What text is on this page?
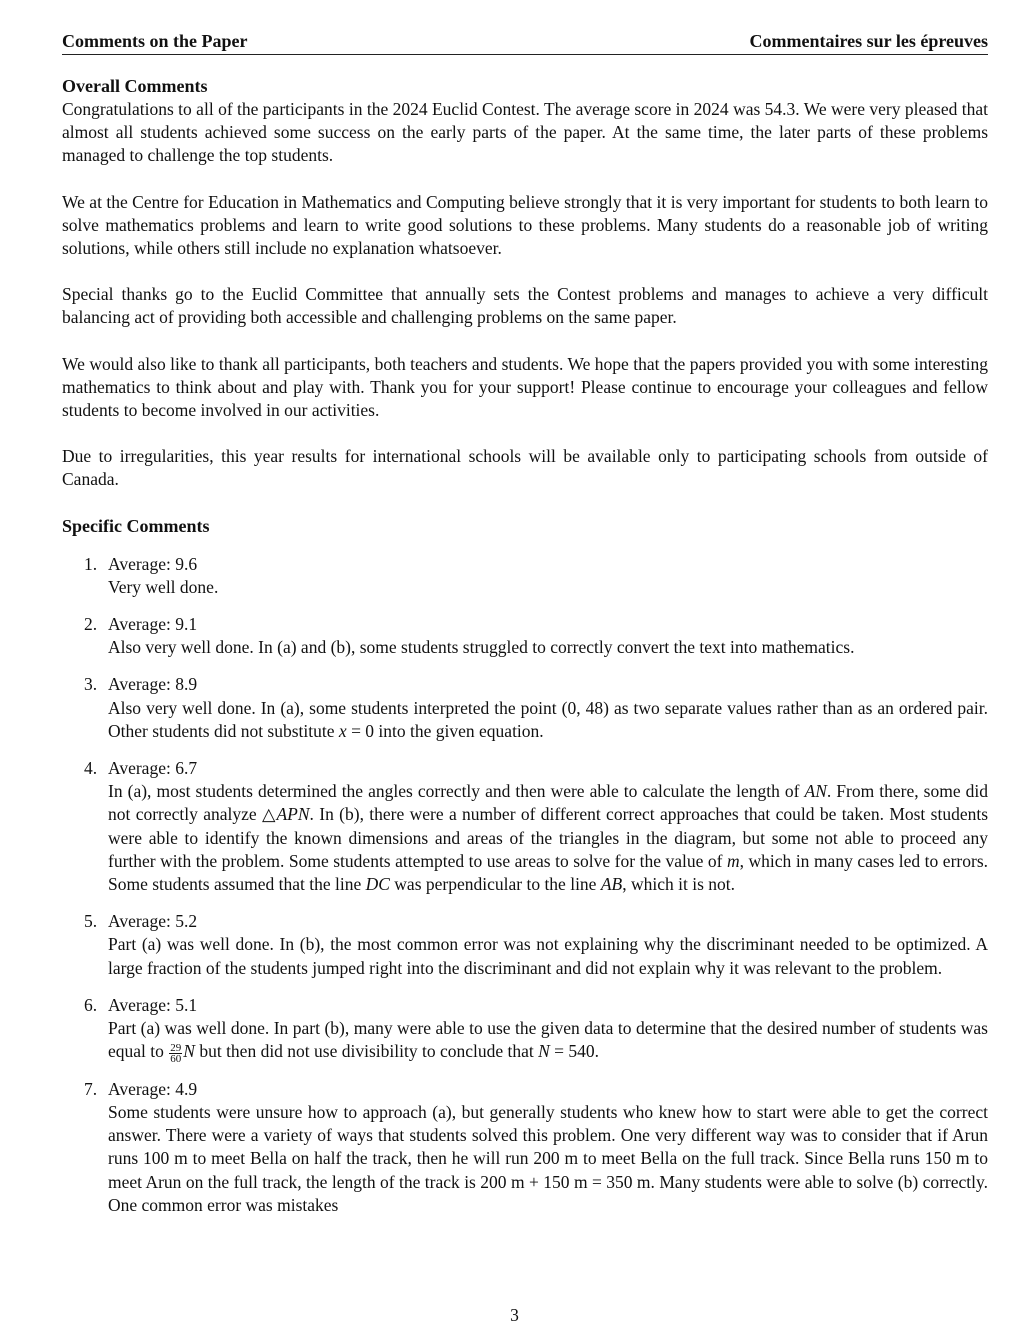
Comments on the Paper	Commentaires sur les épreuves
Overall Comments

Congratulations to all of the participants in the 2024 Euclid Contest. The average score in 2024 was 54.3. We were very pleased that almost all students achieved some success on the early parts of the paper. At the same time, the later parts of these problems managed to challenge the top students.

We at the Centre for Education in Mathematics and Computing believe strongly that it is very important for students to both learn to solve mathematics problems and learn to write good solutions to these problems. Many students do a reasonable job of writing solutions, while others still include no explanation whatsoever.

Special thanks go to the Euclid Committee that annually sets the Contest problems and manages to achieve a very difficult balancing act of providing both accessible and challenging problems on the same paper.

We would also like to thank all participants, both teachers and students. We hope that the papers provided you with some interesting mathematics to think about and play with. Thank you for your support! Please continue to encourage your colleagues and fellow students to become involved in our activities.

Due to irregularities, this year results for international schools will be available only to participating schools from outside of Canada.

Specific Comments
1. Average: 9.6
Very well done.
2. Average: 9.1
Also very well done. In (a) and (b), some students struggled to correctly convert the text into mathematics.
3. Average: 8.9
Also very well done. In (a), some students interpreted the point (0, 48) as two separate values rather than as an ordered pair. Other students did not substitute x = 0 into the given equation.
4. Average: 6.7
In (a), most students determined the angles correctly and then were able to calculate the length of AN. From there, some did not correctly analyze △APN. In (b), there were a number of different correct approaches that could be taken. Most students were able to identify the known dimensions and areas of the triangles in the diagram, but some not able to proceed any further with the problem. Some students attempted to use areas to solve for the value of m, which in many cases led to errors. Some students assumed that the line DC was perpendicular to the line AB, which it is not.
5. Average: 5.2
Part (a) was well done. In (b), the most common error was not explaining why the discriminant needed to be optimized. A large fraction of the students jumped right into the discriminant and did not explain why it was relevant to the problem.
6. Average: 5.1
Part (a) was well done. In part (b), many were able to use the given data to determine that the desired number of students was equal to $\frac{29}{60}$ N but then did not use divisibility to conclude that N = 540.
7. Average: 4.9
Some students were unsure how to approach (a), but generally students who knew how to start were able to get the correct answer. There were a variety of ways that students solved this problem. One very different way was to consider that if Arun runs 100 m to meet Bella on half the track, then he will run 200 m to meet Bella on the full track. Since Bella runs 150 m to meet Arun on the full track, the length of the track is 200 m + 150 m = 350 m. Many students were able to solve (b) correctly. One common error was mistakes
3
